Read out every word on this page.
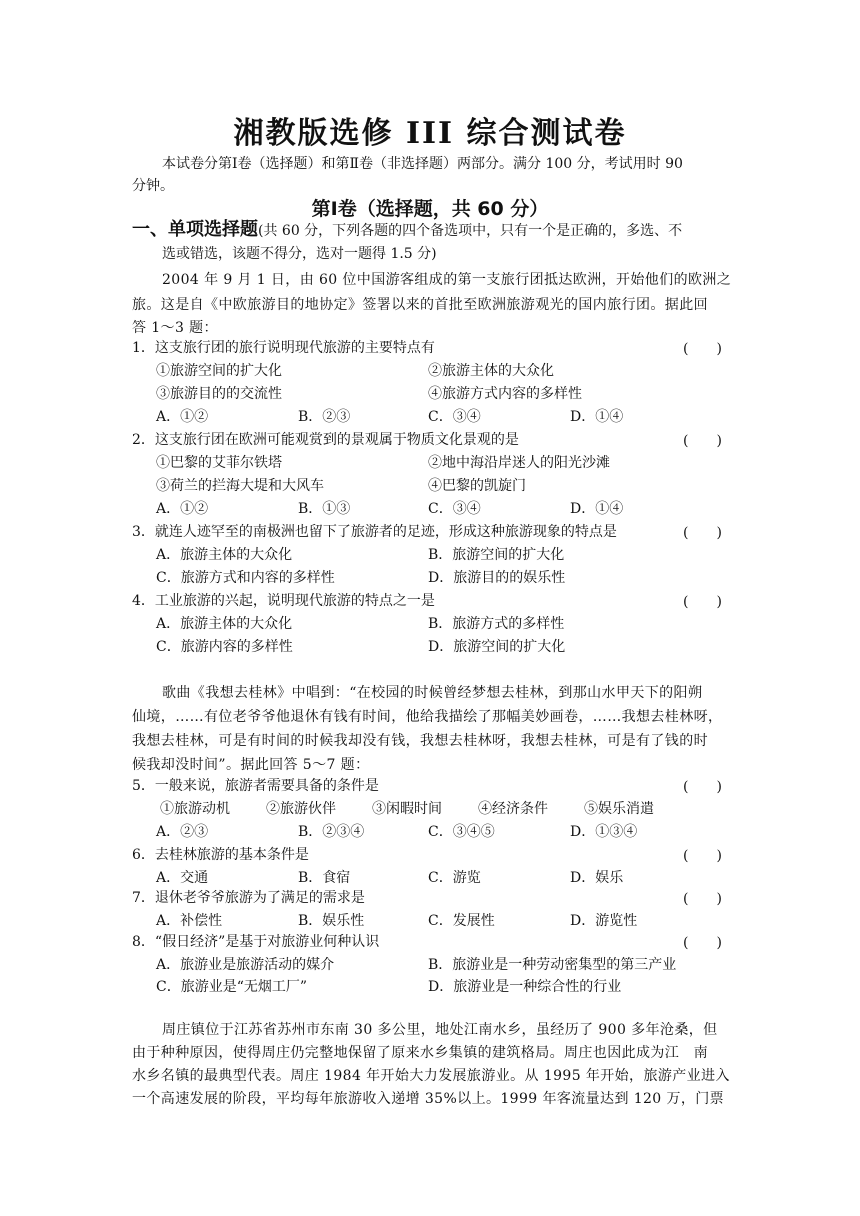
湘教版选修 III 综合测试卷
本试卷分第Ⅰ卷（选择题）和第Ⅱ卷（非选择题）两部分。满分 100 分，考试用时 90
分钟。
第Ⅰ卷（选择题，共 60 分）
一、单项选择题(共 60 分，下列各题的四个备选项中，只有一个是正确的，多选、不
选或错选，该题不得分，选对一题得 1.5 分)
2004 年 9 月 1 日，由 60 位中国游客组成的第一支旅行团抵达欧洲，开始他们的欧洲之
旅。这是自《中欧旅游目的地协定》签署以来的首批至欧洲旅游观光的国内旅行团。据此回
答 1～3 题：
1．这支旅行团的旅行说明现代旅游的主要特点有	(　　)
①旅游空间的扩大化	②旅游主体的大众化
③旅游目的的交流性	④旅游方式内容的多样性
A．①②	B．②③	C．③④	D．①④
2．这支旅行团在欧洲可能观赏到的景观属于物质文化景观的是	(　　)
①巴黎的艾菲尔铁塔	②地中海沿岸迷人的阳光沙滩
③荷兰的拦海大堤和大风车	④巴黎的凯旋门
A．①②	B．①③	C．③④	D．①④
3．就连人迹罕至的南极洲也留下了旅游者的足迹，形成这种旅游现象的特点是	(　　)
A．旅游主体的大众化	B．旅游空间的扩大化
C．旅游方式和内容的多样性	D．旅游目的的娱乐性
4．工业旅游的兴起，说明现代旅游的特点之一是	(　　)
A．旅游主体的大众化	B．旅游方式的多样性
C．旅游内容的多样性	D．旅游空间的扩大化
歌曲《我想去桂林》中唱到：“在校园的时候曾经梦想去桂林，到那山水甲天下的阳朔
仙境，……有位老爷爷他退休有钱有时间，他给我描绘了那幅美妙画卷，……我想去桂林呀，
我想去桂林，可是有时间的时候我却没有钱，我想去桂林呀，我想去桂林，可是有了钱的时
候我却没时间”。据此回答 5～7 题：
5．一般来说，旅游者需要具备的条件是	(　　)
①旅游动机	②旅游伙伴	③闲暇时间	④经济条件	⑤娱乐消遣
A．②③	B．②③④	C．③④⑤	D．①③④
6．去桂林旅游的基本条件是	(　　)
A．交通	B．食宿	C．游览	D．娱乐
7．退休老爷爷旅游为了满足的需求是	(　　)
A．补偿性	B．娱乐性	C．发展性	D．游览性
8．“假日经济”是基于对旅游业何种认识	(　　)
A．旅游业是旅游活动的媒介	B．旅游业是一种劳动密集型的第三产业
C．旅游业是“无烟工厂”	D．旅游业是一种综合性的行业
周庄镇位于江苏省苏州市东南 30 多公里，地处江南水乡，虽经历了 900 多年沧桑，但
由于种种原因，使得周庄仍完整地保留了原来水乡集镇的建筑格局。周庄也因此成为江　南
水乡名镇的最典型代表。周庄 1984 年开始大力发展旅游业。从 1995 年开始，旅游产业进入
一个高速发展的阶段，平均每年旅游收入递增 35%以上。1999 年客流量达到 120 万，门票
